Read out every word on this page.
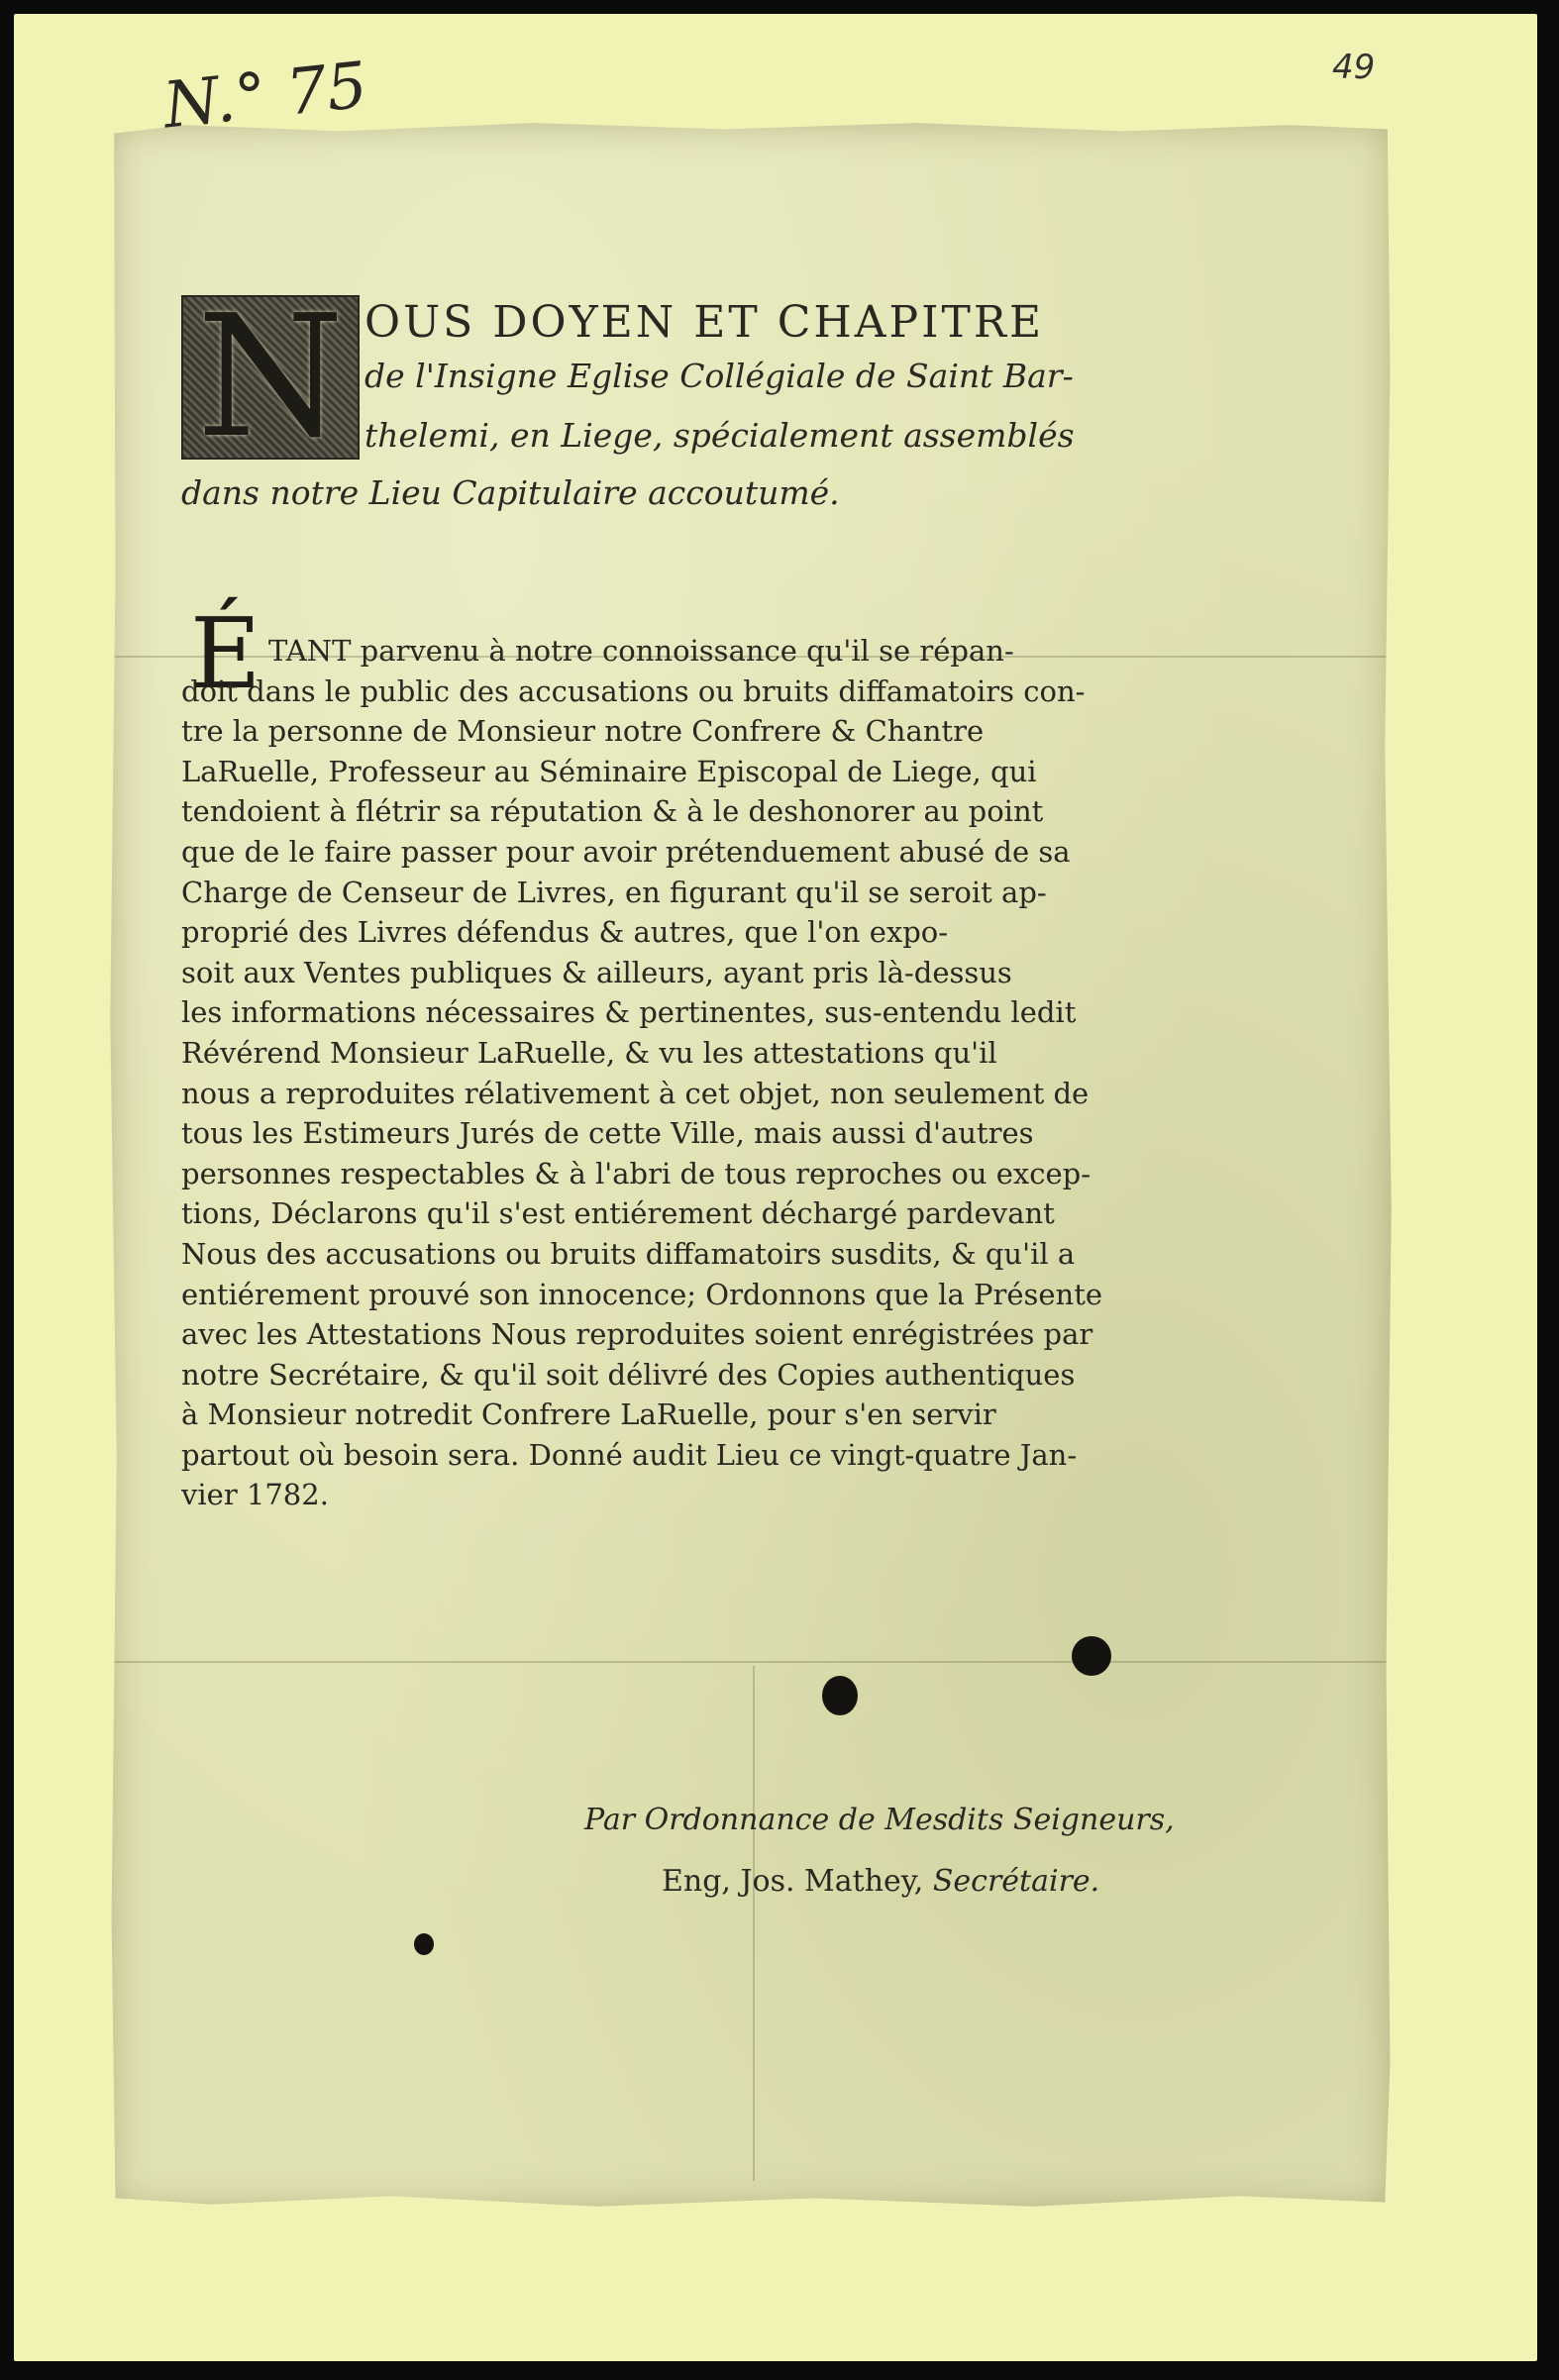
49
N.° 75
N OUS DOYEN ET CHAPITRE
de l'Insigne Eglise Collégiale de Saint Bar-
thelemi, en Liege, spécialement assemblés
dans notre Lieu Capitulaire accoutumé.
É TANT parvenu à notre connoissance qu'il se répan-
doit dans le public des accusations ou bruits diffamatoirs con-
tre la personne de Monsieur notre Confrere & Chantre
LaRuelle, Professeur au Séminaire Episcopal de Liege, qui
tendoient à flétrir sa réputation & à le deshonorer au point
que de le faire passer pour avoir prétenduement abusé de sa
Charge de Censeur de Livres, en figurant qu'il se seroit ap-
proprié des Livres défendus & autres, que l'on expo-
soit aux Ventes publiques & ailleurs, ayant pris là-dessus
les informations nécessaires & pertinentes, sus-entendu ledit
Révérend Monsieur LaRuelle, & vu les attestations qu'il
nous a reproduites rélativement à cet objet, non seulement de
tous les Estimeurs Jurés de cette Ville, mais aussi d'autres
personnes respectables & à l'abri de tous reproches ou excep-
tions, Déclarons qu'il s'est entiérement déchargé pardevant
Nous des accusations ou bruits diffamatoirs susdits, & qu'il a
entiérement prouvé son innocence; Ordonnons que la Présente
avec les Attestations Nous reproduites soient enrégistrées par
notre Secrétaire, & qu'il soit délivré des Copies authentiques
à Monsieur notredit Confrere LaRuelle, pour s'en servir
partout où besoin sera. Donné audit Lieu ce vingt-quatre Jan-
vier 1782.
Par Ordonnance de Mesdits Seigneurs,
Eng, Jos. Mathey, Secrétaire.
